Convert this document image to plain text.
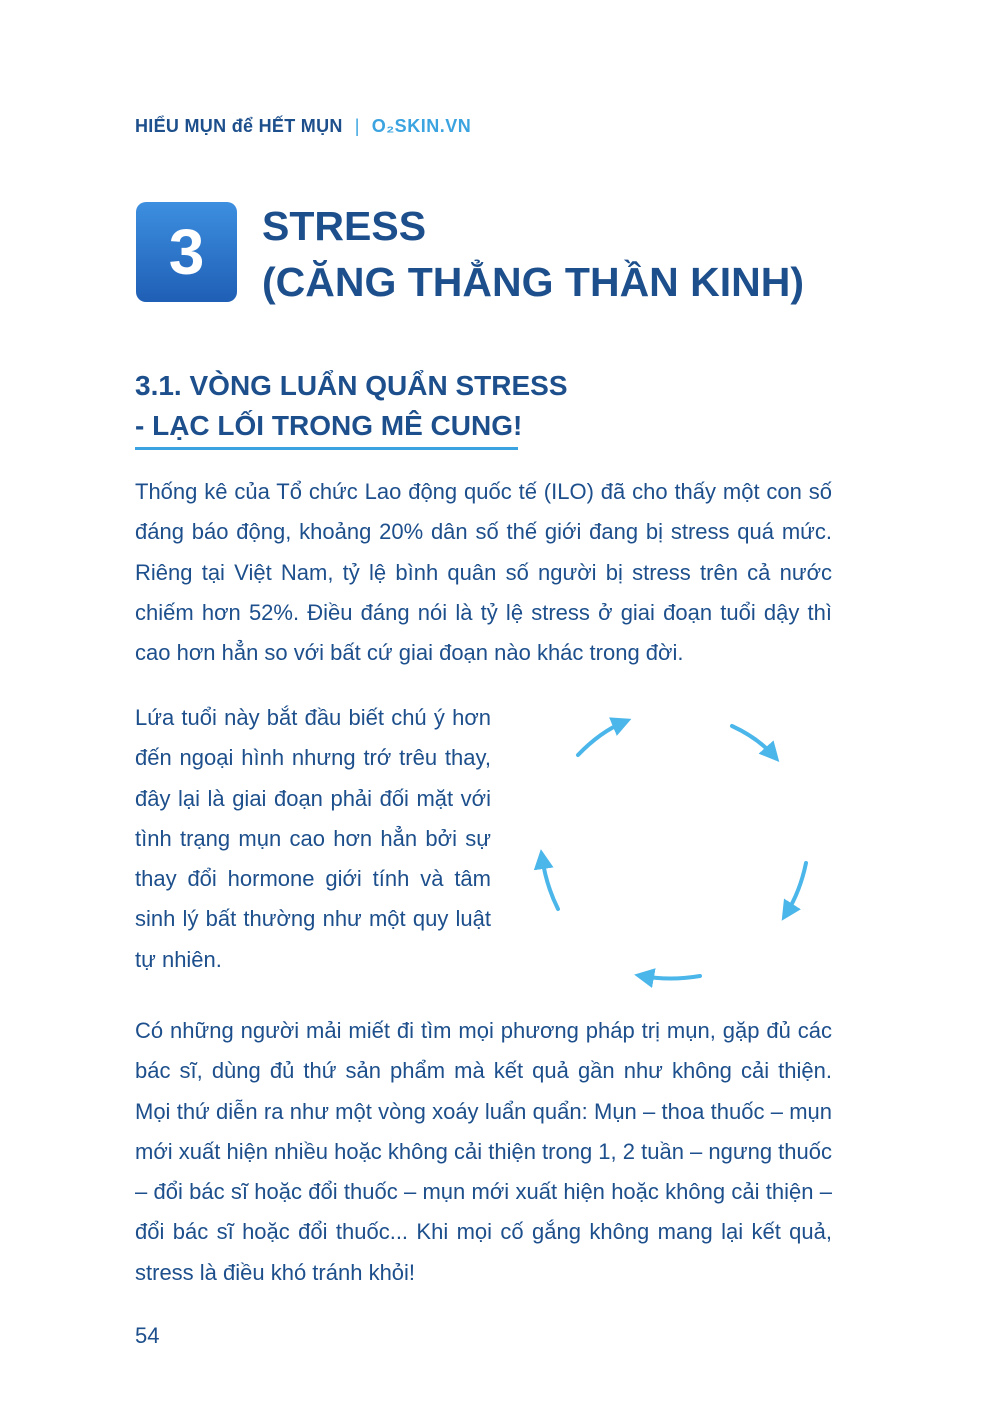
HIỂU MỤN để HẾT MỤN | O₂SKIN.VN
3	STRESS
(CĂNG THẲNG THẦN KINH)
3.1. VÒNG LUẨN QUẨN STRESS
- LẠC LỐI TRONG MÊ CUNG!

Thống kê của Tổ chức Lao động quốc tế (ILO) đã cho thấy một con số đáng báo động, khoảng 20% dân số thế giới đang bị stress quá mức. Riêng tại Việt Nam, tỷ lệ bình quân số người bị stress trên cả nước chiếm hơn 52%. Điều đáng nói là tỷ lệ stress ở giai đoạn tuổi dậy thì cao hơn hẳn so với bất cứ giai đoạn nào khác trong đời.

Lứa tuổi này bắt đầu biết chú ý hơn đến ngoại hình nhưng trớ trêu thay, đây lại là giai đoạn phải đối mặt với tình trạng mụn cao hơn hẳn bởi sự thay đổi hormone giới tính và tâm sinh lý bất thường như một quy luật tự nhiên.

Có những người mải miết đi tìm mọi phương pháp trị mụn, gặp đủ các bác sĩ, dùng đủ thứ sản phẩm mà kết quả gần như không cải thiện. Mọi thứ diễn ra như một vòng xoáy luẩn quẩn: Mụn – thoa thuốc – mụn mới xuất hiện nhiều hoặc không cải thiện trong 1, 2 tuần – ngưng thuốc – đổi bác sĩ hoặc đổi thuốc – mụn mới xuất hiện hoặc không cải thiện – đổi bác sĩ hoặc đổi thuốc... Khi mọi cố gắng không mang lại kết quả, stress là điều khó tránh khỏi!

54
